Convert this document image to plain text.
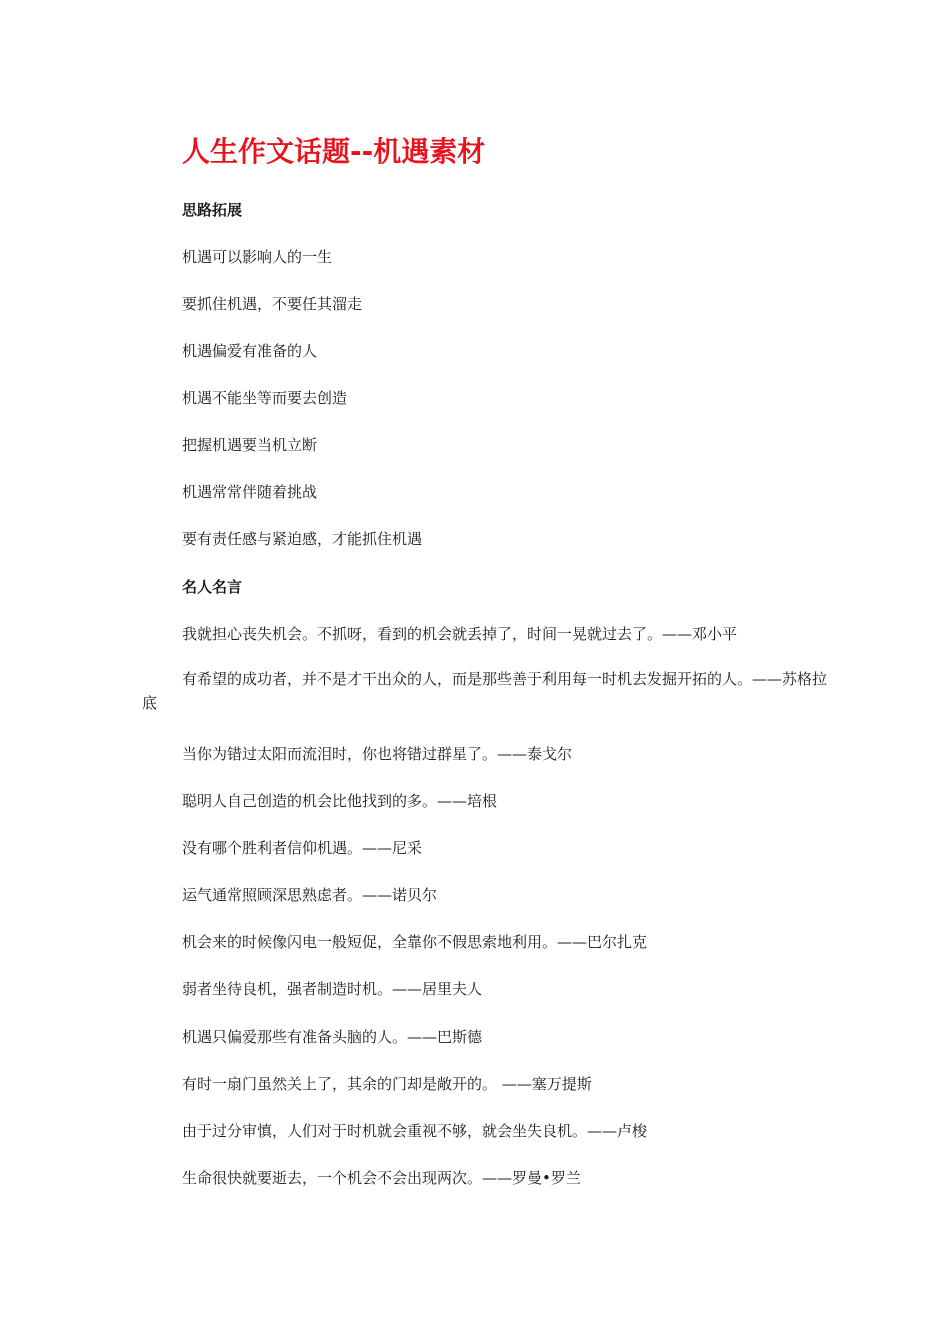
人生作文话题--机遇素材
思路拓展

机遇可以影响人的一生

要抓住机遇，不要任其溜走

机遇偏爱有准备的人

机遇不能坐等而要去创造

把握机遇要当机立断

机遇常常伴随着挑战

要有责任感与紧迫感，才能抓住机遇

名人名言

我就担心丧失机会。不抓呀，看到的机会就丢掉了，时间一晃就过去了。——邓小平

有希望的成功者，并不是才干出众的人，而是那些善于利用每一时机去发掘开拓的人。——苏格拉底

当你为错过太阳而流泪时，你也将错过群星了。——泰戈尔

聪明人自己创造的机会比他找到的多。——培根

没有哪个胜利者信仰机遇。——尼采

运气通常照顾深思熟虑者。——诺贝尔

机会来的时候像闪电一般短促，全靠你不假思索地利用。——巴尔扎克

弱者坐待良机，强者制造时机。——居里夫人

机遇只偏爱那些有准备头脑的人。——巴斯德

有时一扇门虽然关上了，其余的门却是敞开的。 ——塞万提斯

由于过分审慎，人们对于时机就会重视不够，就会坐失良机。——卢梭

生命很快就要逝去，一个机会不会出现两次。——罗曼•罗兰
